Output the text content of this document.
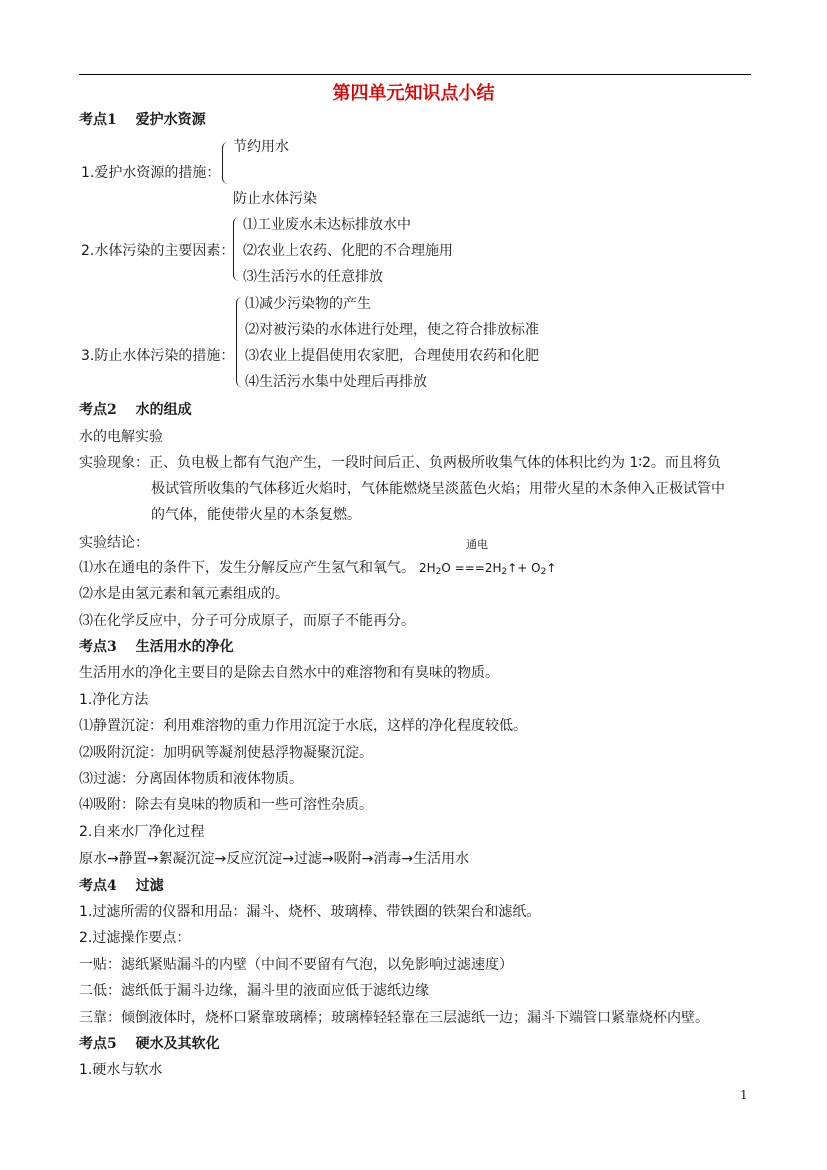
第四单元知识点小结
考点1　 爱护水资源
节约用水
1.爱护水资源的措施：
防止水体污染
⑴工业废水未达标排放水中
2.水体污染的主要因素： ⑵农业上农药、化肥的不合理施用
⑶生活污水的任意排放
⑴减少污染物的产生
⑵对被污染的水体进行处理，使之符合排放标准
3.防止水体污染的措施： ⑶农业上提倡使用农家肥，合理使用农药和化肥
⑷生活污水集中处理后再排放
考点2　 水的组成
水的电解实验
实验现象：正、负电极上都有气泡产生，一段时间后正、负两极所收集气体的体积比约为 1∶2。而且将负
极试管所收集的气体移近火焰时，气体能燃烧呈淡蓝色火焰；用带火星的木条伸入正极试管中
的气体，能使带火星的木条复燃。
实验结论：	通电
⑴水在通电的条件下，发生分解反应产生氢气和氧气。 $2H_2O$ $===2H_2↑+$ $O_2↑$
⑵水是由氢元素和氧元素组成的。
⑶在化学反应中，分子可分成原子，而原子不能再分。
考点3　 生活用水的净化
生活用水的净化主要目的是除去自然水中的难溶物和有臭味的物质。
1.净化方法
⑴静置沉淀：利用难溶物的重力作用沉淀于水底，这样的净化程度较低。
⑵吸附沉淀：加明矾等凝剂使悬浮物凝聚沉淀。
⑶过滤：分离固体物质和液体物质。
⑷吸附：除去有臭味的物质和一些可溶性杂质。
2.自来水厂净化过程
原水→静置→絮凝沉淀→反应沉淀→过滤→吸附→消毒→生活用水
考点4　 过滤
1.过滤所需的仪器和用品：漏斗、烧杯、玻璃棒、带铁圈的铁架台和滤纸。
2.过滤操作要点：
一贴：滤纸紧贴漏斗的内壁（中间不要留有气泡，以免影响过滤速度）
二低：滤纸低于漏斗边缘，漏斗里的液面应低于滤纸边缘
三靠：倾倒液体时，烧杯口紧靠玻璃棒；玻璃棒轻轻靠在三层滤纸一边；漏斗下端管口紧靠烧杯内壁。
考点5　 硬水及其软化
1.硬水与软水
1
